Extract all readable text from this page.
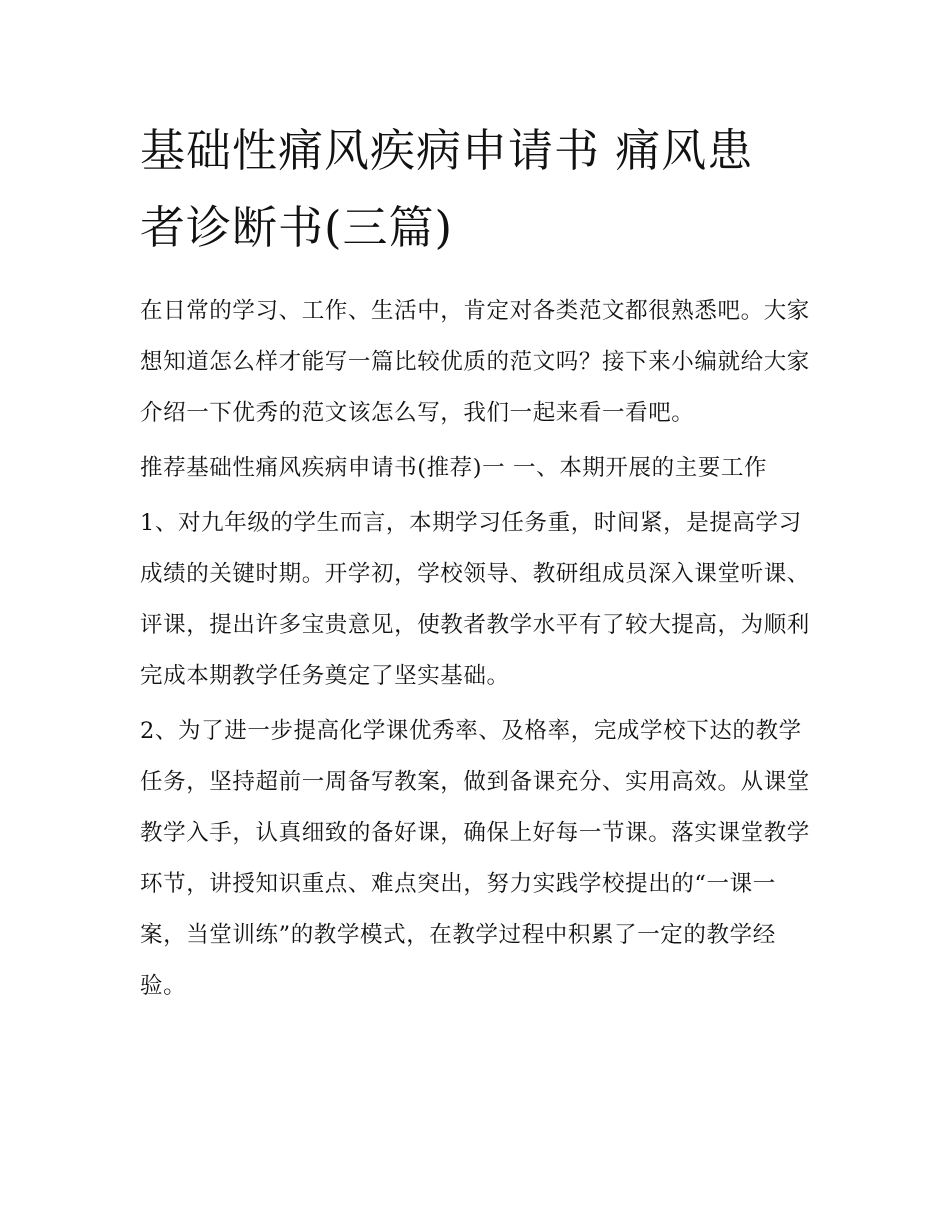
基础性痛风疾病申请书 痛风患
者诊断书(三篇)

在日常的学习、工作、生活中，肯定对各类范文都很熟悉吧。大家想知道怎么样才能写一篇比较优质的范文吗？接下来小编就给大家介绍一下优秀的范文该怎么写，我们一起来看一看吧。

推荐基础性痛风疾病申请书(推荐)一 一、本期开展的主要工作

1、对九年级的学生而言，本期学习任务重，时间紧，是提高学习成绩的关键时期。开学初，学校领导、教研组成员深入课堂听课、评课，提出许多宝贵意见，使教者教学水平有了较大提高，为顺利完成本期教学任务奠定了坚实基础。

2、为了进一步提高化学课优秀率、及格率，完成学校下达的教学任务，坚持超前一周备写教案，做到备课充分、实用高效。从课堂教学入手，认真细致的备好课，确保上好每一节课。落实课堂教学环节，讲授知识重点、难点突出，努力实践学校提出的“一课一案，当堂训练”的教学模式，在教学过程中积累了一定的教学经验。
